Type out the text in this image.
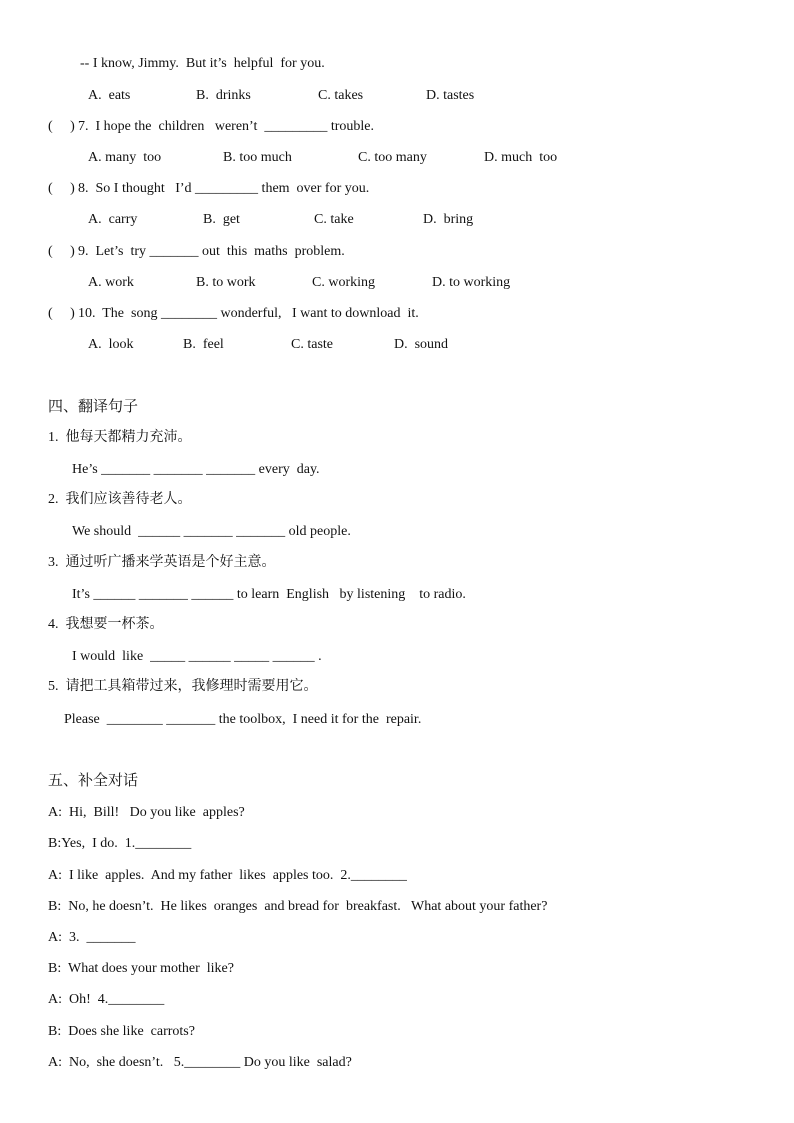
-- I know, Jimmy.  But it’s  helpful  for you.
A.  eats	B.  drinks	C. takes	D. tastes
(     ) 7.  I hope the  children   weren’t  _________ trouble.
A. many  too	B. too much	C. too many	D. much  too
(     ) 8.  So I thought   I’d _________ them  over for you.
A.  carry	B.  get	C. take	D.  bring
(     ) 9.  Let’s  try _______ out  this  maths  problem.
A. work	B. to work	C. working	D. to working
(     ) 10.  The  song ________ wonderful,   I want to download  it.
A.  look	B.  feel	C. taste	D.  sound
四、翻译句子
1.  他每天都精力充沛。
He’s _______ _______ _______ every  day.
2.  我们应该善待老人。
We should  ______ _______ _______ old people.
3.  通过听广播来学英语是个好主意。
It’s ______ _______ ______ to learn  English   by listening    to radio.
4.  我想要一杯茶。
I would  like  _____ ______ _____ ______ .
5.  请把工具箱带过来，我修理时需要用它。
Please  ________ _______ the toolbox,  I need it for the  repair.
五、补全对话
A:  Hi,  Bill!   Do you like  apples?
B:Yes,  I do.  1.________
A:  I like  apples.  And my father  likes  apples too.  2.________
B:  No, he doesn’t.  He likes  oranges  and bread for  breakfast.   What about your father?
A:  3.  _______
B:  What does your mother  like?
A:  Oh!  4.________
B:  Does she like  carrots?
A:  No,  she doesn’t.   5.________ Do you like  salad?
